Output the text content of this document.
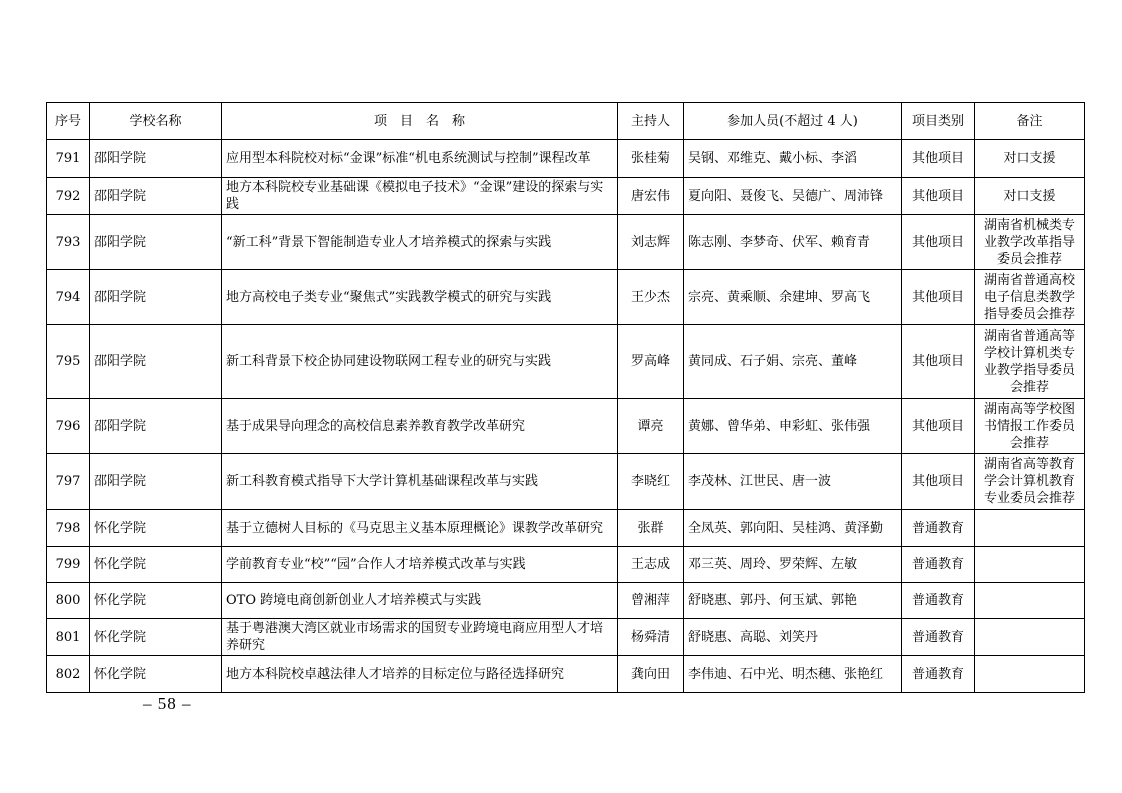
序号	学校名称	项　目　名　称	主持人	参加人员(不超过 4 人)	项目类别	备注
791	邵阳学院	应用型本科院校对标“金课”标准“机电系统测试与控制”课程改革	张桂菊	吴钢、邓维克、戴小标、李滔	其他项目	对口支援
792	邵阳学院	地方本科院校专业基础课《模拟电子技术》“金课”建设的探索与实践	唐宏伟	夏向阳、聂俊飞、吴德广、周沛锋	其他项目	对口支援
793	邵阳学院	“新工科”背景下智能制造专业人才培养模式的探索与实践	刘志辉	陈志刚、李梦奇、伏军、赖育青	其他项目	湖南省机械类专业教学改革指导委员会推荐
794	邵阳学院	地方高校电子类专业“聚焦式”实践教学模式的研究与实践	王少杰	宗亮、黄乘顺、余建坤、罗高飞	其他项目	湖南省普通高校电子信息类教学指导委员会推荐
795	邵阳学院	新工科背景下校企协同建设物联网工程专业的研究与实践	罗高峰	黄同成、石子娟、宗亮、董峰	其他项目	湖南省普通高等学校计算机类专业教学指导委员会推荐
796	邵阳学院	基于成果导向理念的高校信息素养教育教学改革研究	谭亮	黄娜、曾华弟、申彩虹、张伟强	其他项目	湖南高等学校图书情报工作委员会推荐
797	邵阳学院	新工科教育模式指导下大学计算机基础课程改革与实践	李晓红	李茂林、江世民、唐一波	其他项目	湖南省高等教育学会计算机教育专业委员会推荐
798	怀化学院	基于立德树人目标的《马克思主义基本原理概论》课教学改革研究	张群	全凤英、郭向阳、吴桂鸿、黄泽勤	普通教育	
799	怀化学院	学前教育专业“校”“园”合作人才培养模式改革与实践	王志成	邓三英、周玲、罗荣辉、左敏	普通教育	
800	怀化学院	OTO 跨境电商创新创业人才培养模式与实践	曾湘萍	舒晓惠、郭丹、何玉斌、郭艳	普通教育	
801	怀化学院	基于粤港澳大湾区就业市场需求的国贸专业跨境电商应用型人才培养研究	杨舜清	舒晓惠、高聪、刘笑丹	普通教育	
802	怀化学院	地方本科院校卓越法律人才培养的目标定位与路径选择研究	龚向田	李伟迪、石中光、明杰穗、张艳红	普通教育	
– 58 –
